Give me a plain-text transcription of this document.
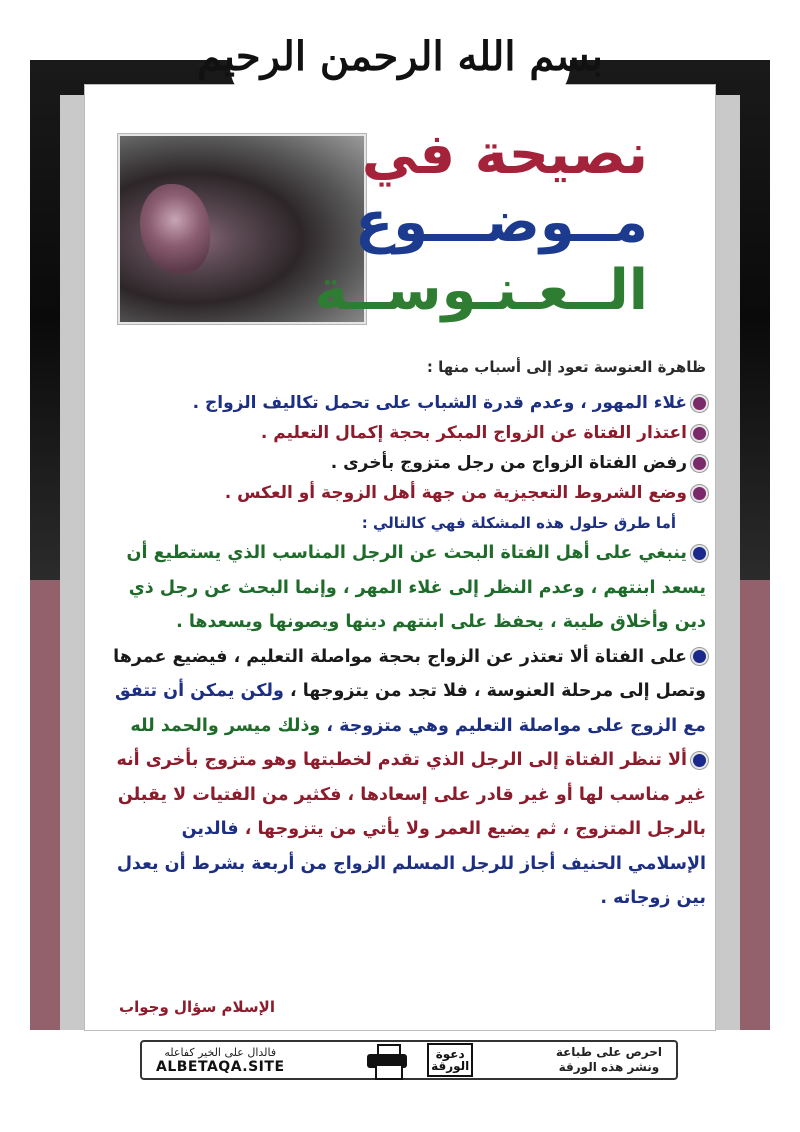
بسم الله الرحمن الرحيم
نصيحة في
مــوضـــوع
الــعـنـوســة

ظاهرة العنوسة تعود إلى أسباب منها :

غلاء المهور ، وعدم قدرة الشباب على تحمل تكاليف الزواج .

اعتذار الفتاة عن الزواج المبكر بحجة إكمال التعليم .

رفض الفتاة الزواج من رجل متزوج بأخرى .

وضع الشروط التعجيزية من جهة أهل الزوجة أو العكس .

أما طرق حلول هذه المشكلة فهي كالتالي :

ينبغي على أهل الفتاة البحث عن الرجل المناسب الذي يستطيع أن يسعد ابنتهم ، وعدم النظر إلى غلاء المهر ، وإنما البحث عن رجل ذي دين وأخلاق طيبة ، يحفظ على ابنتهم دينها ويصونها ويسعدها .

على الفتاة ألا تعتذر عن الزواج بحجة مواصلة التعليم ، فيضيع عمرها وتصل إلى مرحلة العنوسة ، فلا تجد من يتزوجها ، ولكن يمكن أن تتفق مع الزوج على مواصلة التعليم وهي متزوجة ، وذلك ميسر والحمد لله

ألا تنظر الفتاة إلى الرجل الذي تقدم لخطبتها وهو متزوج بأخرى أنه غير مناسب لها أو غير قادر على إسعادها ، فكثير من الفتيات لا يقبلن بالرجل المتزوج ، ثم يضيع العمر ولا يأتي من يتزوجها ، فالدين الإسلامي الحنيف أجاز للرجل المسلم الزواج من أربعة بشرط أن يعدل بين زوجاته .

الإسلام سؤال وجواب
فالدال على الخير كفاعله
ALBETAQA.SITE
دعوة الورقة
احرص على طباعة
ونشر هذه الورقة
